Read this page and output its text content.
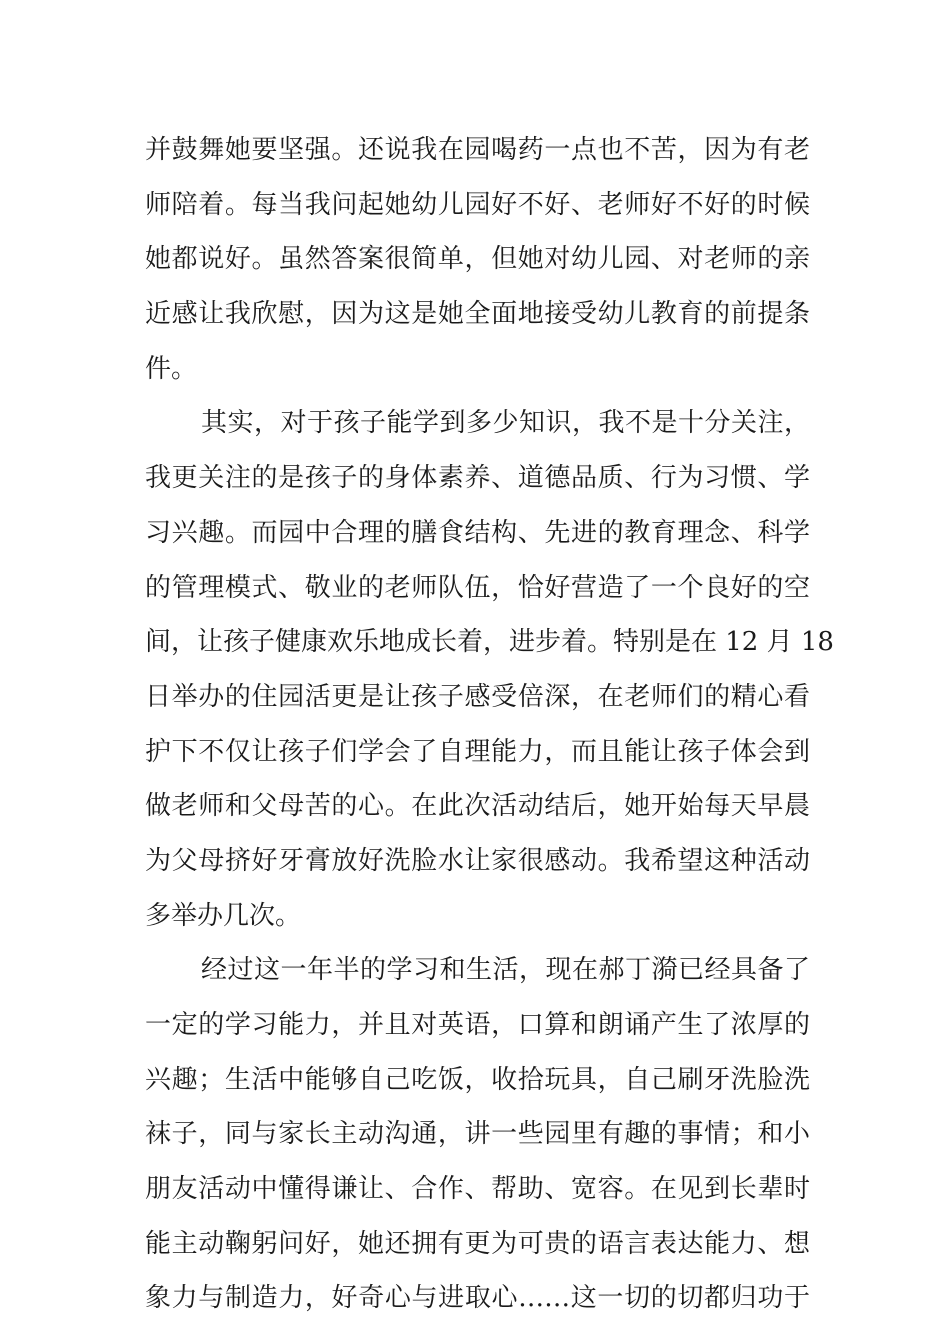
并鼓舞她要坚强。还说我在园喝药一点也不苦，因为有老
师陪着。每当我问起她幼儿园好不好、老师好不好的时候
她都说好。虽然答案很简单，但她对幼儿园、对老师的亲
近感让我欣慰，因为这是她全面地接受幼儿教育的前提条
件。
其实，对于孩子能学到多少知识，我不是十分关注，
我更关注的是孩子的身体素养、道德品质、行为习惯、学
习兴趣。而园中合理的膳食结构、先进的教育理念、科学
的管理模式、敬业的老师队伍，恰好营造了一个良好的空
间，让孩子健康欢乐地成长着，进步着。特别是在 12 月 18
日举办的住园活更是让孩子感受倍深，在老师们的精心看
护下不仅让孩子们学会了自理能力，而且能让孩子体会到
做老师和父母苦的心。在此次活动结后，她开始每天早晨
为父母挤好牙膏放好洗脸水让家很感动。我希望这种活动
多举办几次。
经过这一年半的学习和生活，现在郝丁漪已经具备了
一定的学习能力，并且对英语，口算和朗诵产生了浓厚的
兴趣；生活中能够自己吃饭，收拾玩具，自己刷牙洗脸洗
袜子，同与家长主动沟通，讲一些园里有趣的事情；和小
朋友活动中懂得谦让、合作、帮助、宽容。在见到长辈时
能主动鞠躬问好，她还拥有更为可贵的语言表达能力、想
象力与制造力，好奇心与进取心……这一切的切都归功于
